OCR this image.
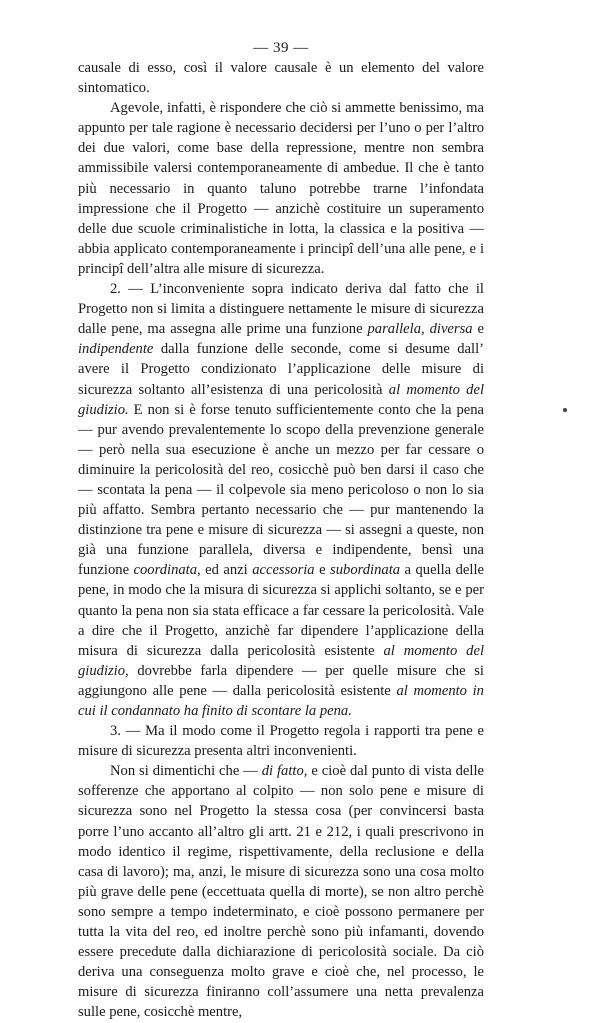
— 39 —

causale di esso, così il valore causale è un elemento del valore sintomatico.

Agevole, infatti, è rispondere che ciò si ammette benissimo, ma appunto per tale ragione è necessario decidersi per l’uno o per l’altro dei due valori, come base della repressione, mentre non sembra ammissibile valersi contemporaneamente di ambedue. Il che è tanto più necessario in quanto taluno potrebbe trarne l’infondata impressione che il Progetto — anzichè costituire un superamento delle due scuole criminalistiche in lotta, la classica e la positiva — abbia applicato contemporaneamente i principî dell’una alle pene, e i principî dell’altra alle misure di sicurezza.

2. — L’inconveniente sopra indicato deriva dal fatto che il Progetto non si limita a distinguere nettamente le misure di sicurezza dalle pene, ma assegna alle prime una funzione parallela, diversa e indipendente dalla funzione delle seconde, come si desume dall’ avere il Progetto condizionato l’applicazione delle misure di sicurezza soltanto all’esistenza di una pericolosità al momento del giudizio. E non si è forse tenuto sufficientemente conto che la pena — pur avendo prevalentemente lo scopo della prevenzione generale — però nella sua esecuzione è anche un mezzo per far cessare o diminuire la pericolosità del reo, cosicchè può ben darsi il caso che — scontata la pena — il colpevole sia meno pericoloso o non lo sia più affatto. Sembra pertanto necessario che — pur mantenendo la distinzione tra pene e misure di sicurezza — si assegni a queste, non già una funzione parallela, diversa e indipendente, bensì una funzione coordinata, ed anzi accessoria e subordinata a quella delle pene, in modo che la misura di sicurezza si applichi soltanto, se e per quanto la pena non sia stata efficace a far cessare la pericolosità. Vale a dire che il Progetto, anzichè far dipendere l’applicazione della misura di sicurezza dalla pericolosità esistente al momento del giudizio, dovrebbe farla dipendere — per quelle misure che si aggiungono alle pene — dalla pericolosità esistente al momento in cui il condannato ha finito di scontare la pena.

3. — Ma il modo come il Progetto regola i rapporti tra pene e misure di sicurezza presenta altri inconvenienti.

Non si dimentichi che — di fatto, e cioè dal punto di vista delle sofferenze che apportano al colpito — non solo pene e misure di sicurezza sono nel Progetto la stessa cosa (per convincersi basta porre l’uno accanto all’altro gli artt. 21 e 212, i quali prescrivono in modo identico il regime, rispettivamente, della reclusione e della casa di lavoro); ma, anzi, le misure di sicurezza sono una cosa molto più grave delle pene (eccettuata quella di morte), se non altro perchè sono sempre a tempo indeterminato, e cioè possono permanere per tutta la vita del reo, ed inoltre perchè sono più infamanti, dovendo essere precedute dalla dichiarazione di pericolosità sociale. Da ciò deriva una conseguenza molto grave e cioè che, nel processo, le misure di sicurezza finiranno coll’assumere una netta prevalenza sulle pene, cosicchè mentre,
